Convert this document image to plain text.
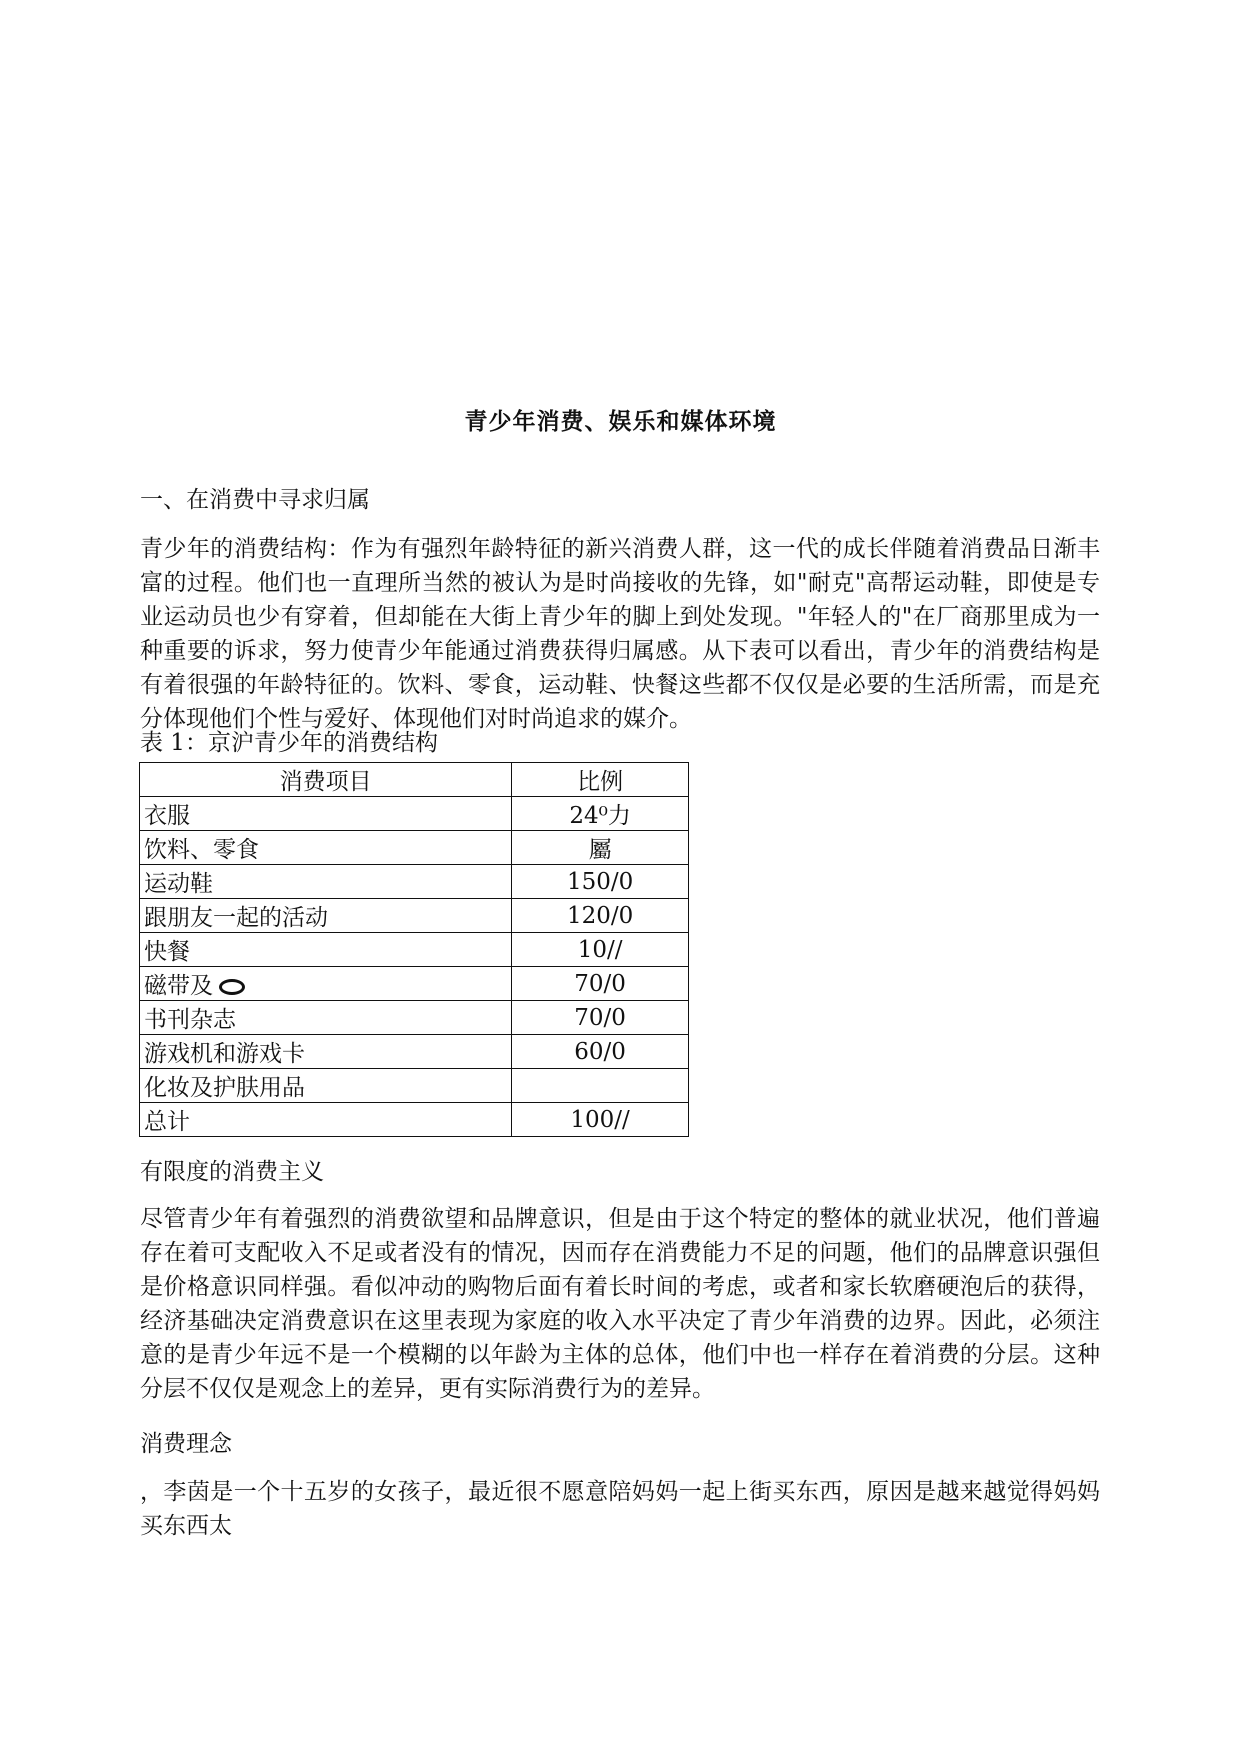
青少年消费、娱乐和媒体环境
一、在消费中寻求归属

青少年的消费结构：作为有强烈年龄特征的新兴消费人群，这一代的成长伴随着消费品日渐丰富的过程。他们也一直理所当然的被认为是时尚接收的先锋，如"耐克"高帮运动鞋，即使是专业运动员也少有穿着，但却能在大街上青少年的脚上到处发现。"年轻人的"在厂商那里成为一种重要的诉求，努力使青少年能通过消费获得归属感。从下表可以看出，青少年的消费结构是有着很强的年龄特征的。饮料、零食，运动鞋、快餐这些都不仅仅是必要的生活所需，而是充分体现他们个性与爱好、体现他们对时尚追求的媒介。

表 1：京沪青少年的消费结构
消费项目	比例
衣服	24⁰力
饮料、零食	屬
运动鞋	150/0
跟朋友一起的活动	120/0
快餐	10//
磁带及	70/0
书刊杂志	70/0
游戏机和游戏卡	60/0
化妆及护肤用品	
总计	100//
有限度的消费主义

尽管青少年有着强烈的消费欲望和品牌意识，但是由于这个特定的整体的就业状况，他们普遍存在着可支配收入不足或者没有的情况，因而存在消费能力不足的问题，他们的品牌意识强但是价格意识同样强。看似冲动的购物后面有着长时间的考虑，或者和家长软磨硬泡后的获得，经济基础决定消费意识在这里表现为家庭的收入水平决定了青少年消费的边界。因此，必须注意的是青少年远不是一个模糊的以年龄为主体的总体，他们中也一样存在着消费的分层。这种分层不仅仅是观念上的差异，更有实际消费行为的差异。

消费理念

，李茵是一个十五岁的女孩子，最近很不愿意陪妈妈一起上街买东西，原因是越来越觉得妈妈买东西太
